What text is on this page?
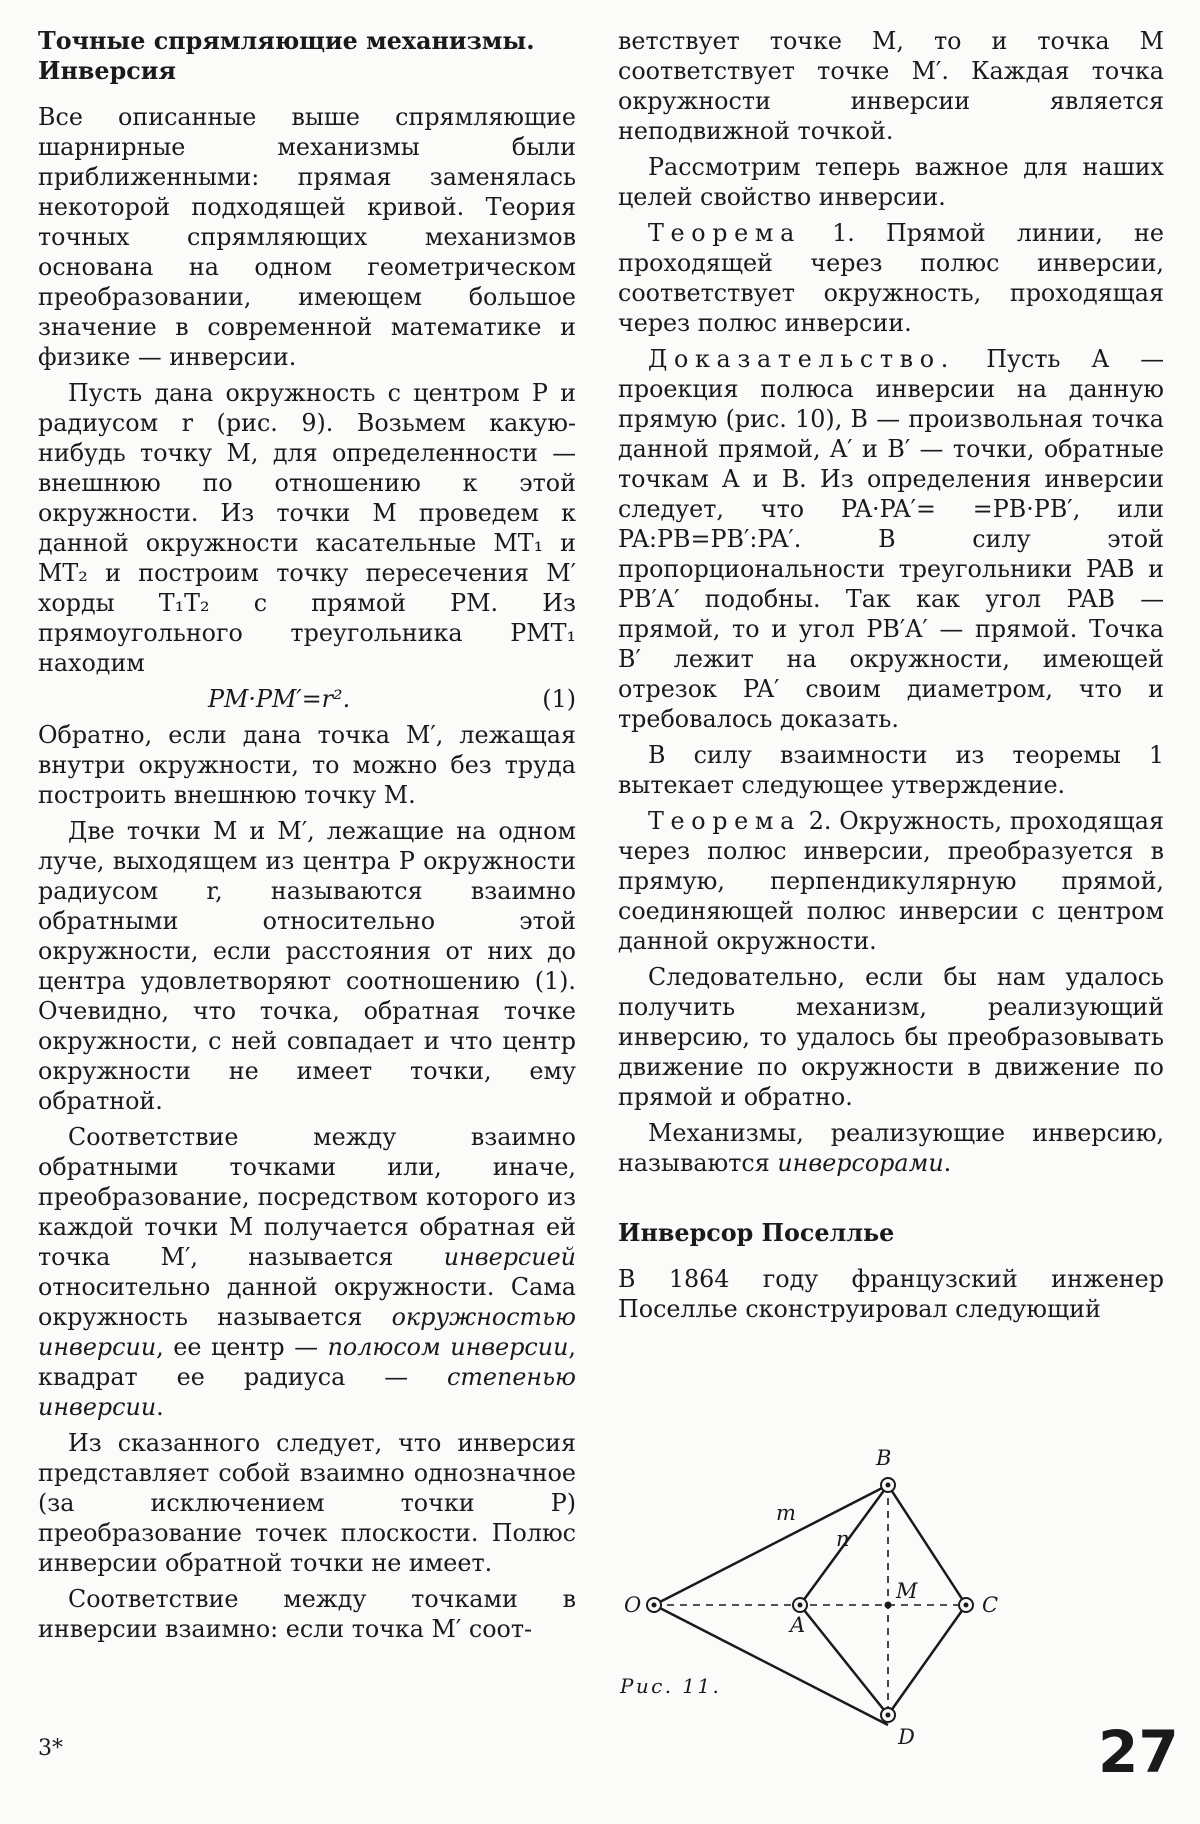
Точные спрямляющие механизмы. Инверсия

Все описанные выше спрямляющие шарнирные механизмы были приближенными: прямая заменялась некоторой подходящей кривой. Теория точных спрямляющих механизмов основана на одном геометрическом преобразовании, имеющем большое значение в современной математике и физике — инверсии.

Пусть дана окружность с центром P и радиусом r (рис. 9). Возьмем какую-нибудь точку M, для определенности — внешнюю по отношению к этой окружности. Из точки M проведем к данной окружности касательные MT₁ и MT₂ и построим точку пересечения M′ хорды T₁T₂ с прямой PM. Из прямоугольного треугольника PMT₁ находим

PM·PM′=r².	(1)

Обратно, если дана точка M′, лежащая внутри окружности, то можно без труда построить внешнюю точку M.

Две точки M и M′, лежащие на одном луче, выходящем из центра P окружности радиусом r, называются взаимно обратными относительно этой окружности, если расстояния от них до центра удовлетворяют соотношению (1). Очевидно, что точка, обратная точке окружности, с ней совпадает и что центр окружности не имеет точки, ему обратной.

Соответствие между взаимно обратными точками или, иначе, преобразование, посредством которого из каждой точки M получается обратная ей точка M′, называется инверсией относительно данной окружности. Сама окружность называется окружностью инверсии, ее центр — полюсом инверсии, квадрат ее радиуса — степенью инверсии.

Из сказанного следует, что инверсия представляет собой взаимно однозначное (за исключением точки P) преобразование точек плоскости. Полюс инверсии обратной точки не имеет.

Соответствие между точками в инверсии взаимно: если точка M′ соот-

ветствует точке M, то и точка M соответствует точке M′. Каждая точка окружности инверсии является неподвижной точкой.

Рассмотрим теперь важное для наших целей свойство инверсии.

Теорема 1. Прямой линии, не проходящей через полюс инверсии, соответствует окружность, проходящая через полюс инверсии.

Доказательство. Пусть A — проекция полюса инверсии на данную прямую (рис. 10), B — произвольная точка данной прямой, A′ и B′ — точки, обратные точкам A и B. Из определения инверсии следует, что PA·PA′= =PB·PB′, или PA:PB=PB′:PA′. В силу этой пропорциональности треугольники PAB и PB′A′ подобны. Так как угол PAB — прямой, то и угол PB′A′ — прямой. Точка B′ лежит на окружности, имеющей отрезок PA′ своим диаметром, что и требовалось доказать.

В силу взаимности из теоремы 1 вытекает следующее утверждение.

Теорема 2. Окружность, проходящая через полюс инверсии, преобразуется в прямую, перпендикулярную прямой, соединяющей полюс инверсии с центром данной окружности.

Следовательно, если бы нам удалось получить механизм, реализующий инверсию, то удалось бы преобразовывать движение по окружности в движение по прямой и обратно.

Механизмы, реализующие инверсию, называются инверсорами.

Инверсор Поселлье

В 1864 году французский инженер Поселлье сконструировал следующий

O
A
B
C
D
M
m
n
Рис. 11.
3*	27
